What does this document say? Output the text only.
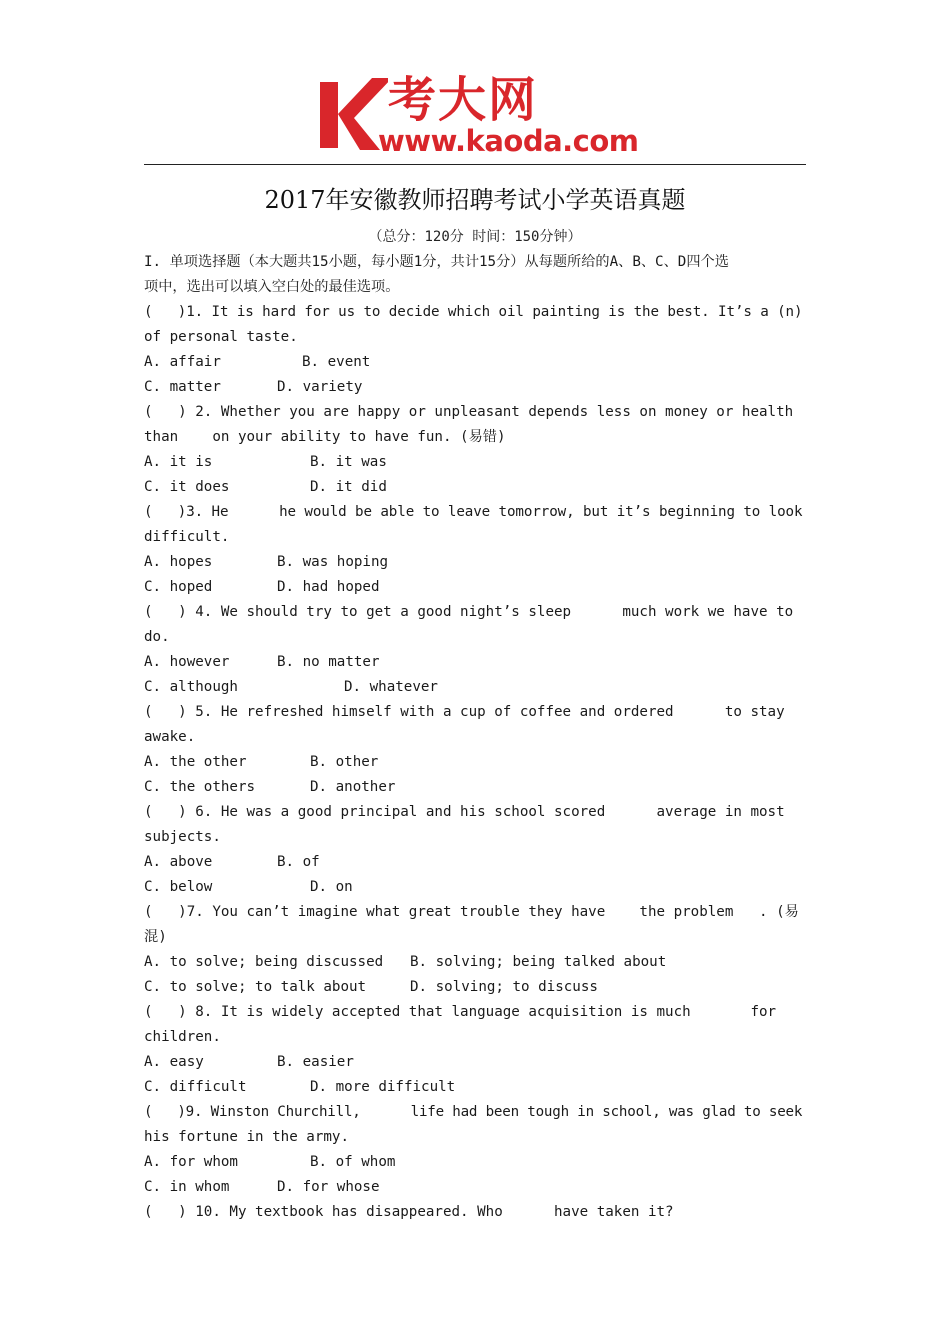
考大网
www.kaoda.com
2017年安徽教师招聘考试小学英语真题
（总分：120分 时间：150分钟）
I. 单项选择题（本大题共15小题，每小题1分，共计15分）从每题所给的A、B、C、D四个选
项中，选出可以填入空白处的最佳选项。
(   )1. It is hard for us to decide which oil painting is the best. It’s a (n)
of personal taste.

A. affair

	B. event

C. matter

	D. variety

(   ) 2. Whether you are happy or unpleasant depends less on money or health
than    on your ability to have fun. (易错)

A. it is

	B. it was

C. it does

	D. it did

(   )3. He      he would be able to leave tomorrow, but it’s beginning to look
difficult.

A. hopes

	B. was hoping

C. hoped

	D. had hoped

(   ) 4. We should try to get a good night’s sleep      much work we have to
do.

A. however

	B. no matter

C. although

	D. whatever

(   ) 5. He refreshed himself with a cup of coffee and ordered      to stay
awake.

A. the other

	B. other

C. the others

	D. another

(   ) 6. He was a good principal and his school scored      average in most
subjects.

A. above

	B. of

C. below

	D. on

(   )7. You can’t imagine what great trouble they have    the problem   . (易
混)

A. to solve; being discussed

B. solving; being talked about

C. to solve; to talk about

	D. solving; to discuss

(   ) 8. It is widely accepted that language acquisition is much       for
children.

A. easy

	B. easier

C. difficult

	D. more difficult

(   )9. Winston Churchill,      life had been tough in school, was glad to seek
his fortune in the army.

A. for whom

	B. of whom

C. in whom

	D. for whose

(   ) 10. My textbook has disappeared. Who      have taken it?
